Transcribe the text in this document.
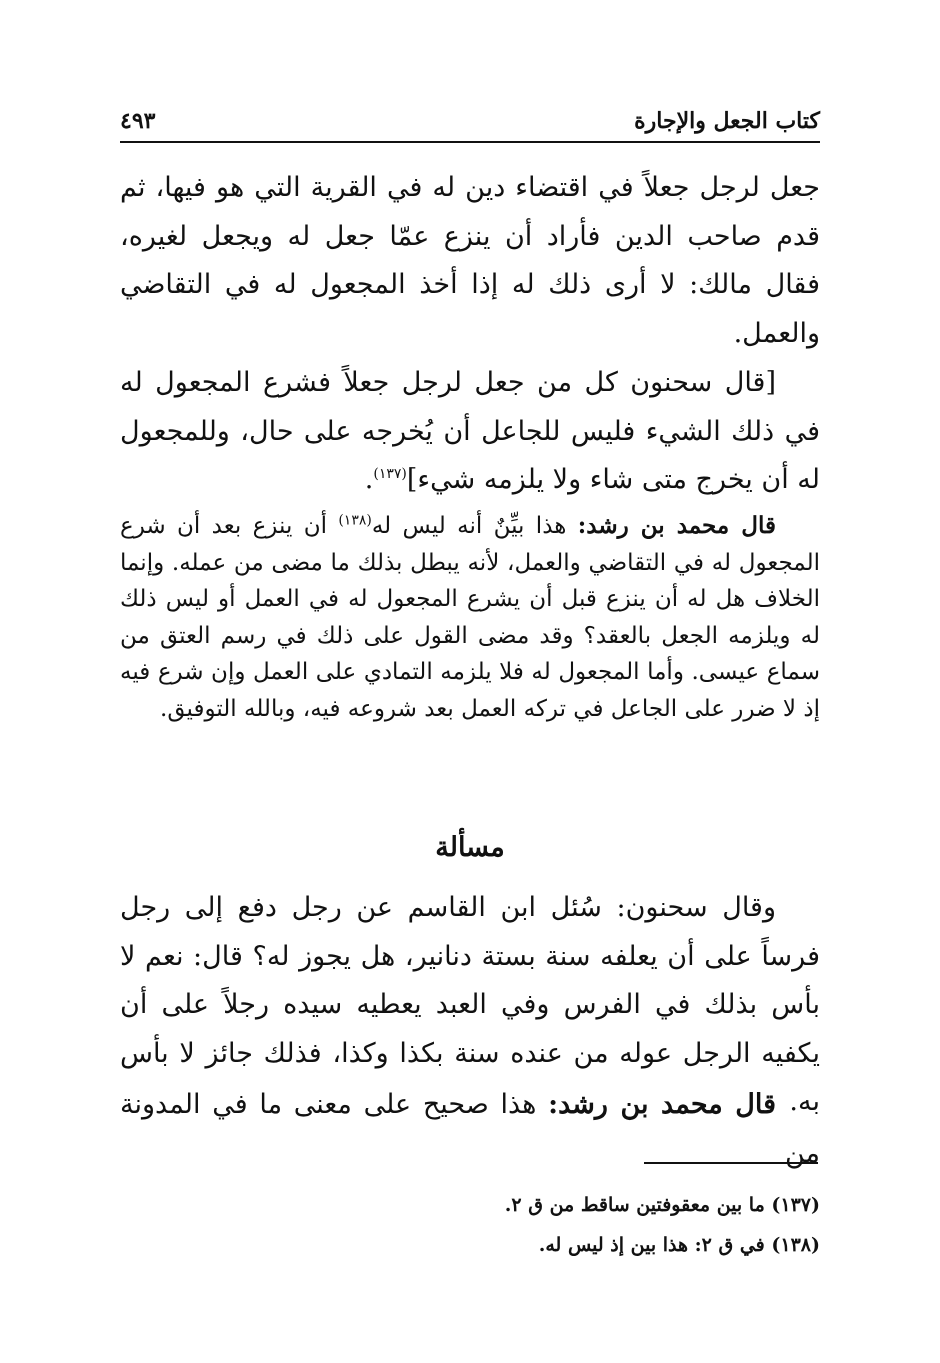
كتاب الجعل والإجارة
٤٩٣

جعل لرجل جعلاً في اقتضاء دين له في القرية التي هو فيها، ثم قدم صاحب الدين فأراد أن ينزع عمّا جعل له ويجعل لغيره، فقال مالك: لا أرى ذلك له إذا أخذ المجعول له في التقاضي والعمل.

[قال سحنون كل من جعل لرجل جعلاً فشرع المجعول له في ذلك الشيء فليس للجاعل أن يُخرجه على حال، وللمجعول له أن يخرج متى شاء ولا يلزمه شيء]$^{(١٣٧)}$.

قال محمد بن رشد: هذا بيِّنٌ أنه ليس له$^{(١٣٨)}$ أن ينزع بعد أن شرع المجعول له في التقاضي والعمل، لأنه يبطل بذلك ما مضى من عمله. وإنما الخلاف هل له أن ينزع قبل أن يشرع المجعول له في العمل أو ليس ذلك له ويلزمه الجعل بالعقد؟ وقد مضى القول على ذلك في رسم العتق من سماع عيسى. وأما المجعول له فلا يلزمه التمادي على العمل وإن شرع فيه إذ لا ضرر على الجاعل في تركه العمل بعد شروعه فيه، وبالله التوفيق.

مسألة

وقال سحنون: سُئل ابن القاسم عن رجل دفع إلى رجل فرساً على أن يعلفه سنة بستة دنانير، هل يجوز له؟ قال: نعم لا بأس بذلك في الفرس وفي العبد يعطيه سيده رجلاً على أن يكفيه الرجل عوله من عنده سنة بكذا وكذا، فذلك جائز لا بأس به.

قال محمد بن رشد: هذا صحيح على معنى ما في المدونة من

(١٣٧) ما بين معقوفتين ساقط من ق ٢.

(١٣٨) في ق ٢: هذا بين إذ ليس له.
